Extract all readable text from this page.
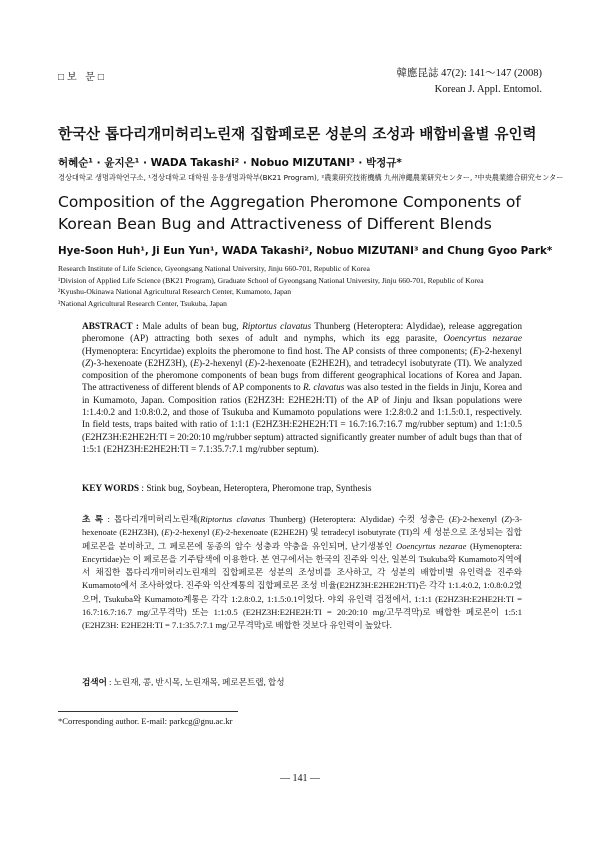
□보 문□	韓應昆誌 47(2): 141～147 (2008)
Korean J. Appl. Entomol.
한국산 톱다리개미허리노린재 집합페로몬 성분의 조성과 배합비율별 유인력
허혜순¹ · 윤지은¹ · WADA Takashi² · Nobuo MIZUTANI³ · 박정규*
경상대학교 생명과학연구소, ¹경상대학교 대학원 응용생명과학부(BK21 Program), ²農業研究技術機構 九州沖繩農業研究センター, ³中央農業總合研究センター
Composition of the Aggregation Pheromone Components of Korean Bean Bug and Attractiveness of Different Blends
Hye-Soon Huh¹, Ji Eun Yun¹, WADA Takashi², Nobuo MIZUTANI³ and Chung Gyoo Park*
Research Institute of Life Science, Gyeongsang National University, Jinju 660-701, Republic of Korea
¹Division of Applied Life Science (BK21 Program), Graduate School of Gyeongsang National University, Jinju 660-701, Republic of Korea
²Kyushu-Okinawa National Agricultural Research Center, Kumamoto, Japan
³National Agricultural Research Center, Tsukuba, Japan
ABSTRACT : Male adults of bean bug, Riptortus clavatus Thunberg (Heteroptera: Alydidae), release aggregation pheromone (AP) attracting both sexes of adult and nymphs, which its egg parasite, Ooencyrtus nezarae (Hymenoptera: Encyrtidae) exploits the pheromone to find host. The AP consists of three components; (E)-2-hexenyl (Z)-3-hexenoate (E2HZ3H), (E)-2-hexenyl (E)-2-hexenoate (E2HE2H), and tetradecyl isobutyrate (TI). We analyzed composition of the pheromone components of bean bugs from different geographical locations of Korea and Japan. The attractiveness of different blends of AP components to R. clavatus was also tested in the fields in Jinju, Korea and in Kumamoto, Japan. Composition ratios (E2HZ3H: E2HE2H:TI) of the AP of Jinju and Iksan populations were 1:1.4:0.2 and 1:0.8:0.2, and those of Tsukuba and Kumamoto populations were 1:2.8:0.2 and 1:1.5:0.1, respectively. In field tests, traps baited with ratio of 1:1:1 (E2HZ3H:E2HE2H:TI = 16.7:16.7:16.7 mg/rubber septum) and 1:1:0.5 (E2HZ3H:E2HE2H:TI = 20:20:10 mg/rubber septum) attracted significantly greater number of adult bugs than that of 1:5:1 (E2HZ3H:E2HE2H:TI = 7.1:35.7:7.1 mg/rubber septum).
KEY WORDS : Stink bug, Soybean, Heteroptera, Pheromone trap, Synthesis
초 록 : 톱다리개미허리노린재(Riptortus clavatus Thunberg) (Heteroptera: Alydidae) 수컷 성충은 (E)-2-hexenyl (Z)-3-hexenoate (E2HZ3H), (E)-2-hexenyl (E)-2-hexenoate (E2HE2H) 및 tetradecyl isobutyrate (TI)의 세 성분으로 조성되는 집합페로몬을 분비하고, 그 페로몬에 동종의 암수 성충과 약충을 유인되며, 난기생봉인 Ooencyrtus nezarae (Hymenoptera: Encyrtidae)는 이 페로몬을 기주탐색에 이용한다. 본 연구에서는 한국의 진주와 익산, 일본의 Tsukuba와 Kumamoto지역에서 채집한 톱다리개미허리노린재의 집합페로몬 성분의 조성비를 조사하고, 각 성분의 배합비별 유인력을 진주와 Kumamoto에서 조사하였다. 진주와 익산계통의 집합페로몬 조성 비율(E2HZ3H:E2HE2H:TI)은 각각 1:1.4:0.2, 1:0.8:0.2였으며, Tsukuba와 Kumamoto계통은 각각 1:2.8:0.2, 1:1.5:0.1이었다. 야외 유인력 검정에서, 1:1:1 (E2HZ3H:E2HE2H:TI = 16.7:16.7:16.7 mg/고무격막) 또는 1:1:0.5 (E2HZ3H:E2HE2H:TI = 20:20:10 mg/고무격막)로 배합한 페로몬이 1:5:1 (E2HZ3H: E2HE2H:TI = 7.1:35.7:7.1 mg/고무격막)로 배합한 것보다 유인력이 높았다.
검색어 : 노린재, 콩, 반시목, 노린재목, 페로몬트랩, 합성
*Corresponding author. E-mail: parkcg@gnu.ac.kr
― 141 ―
